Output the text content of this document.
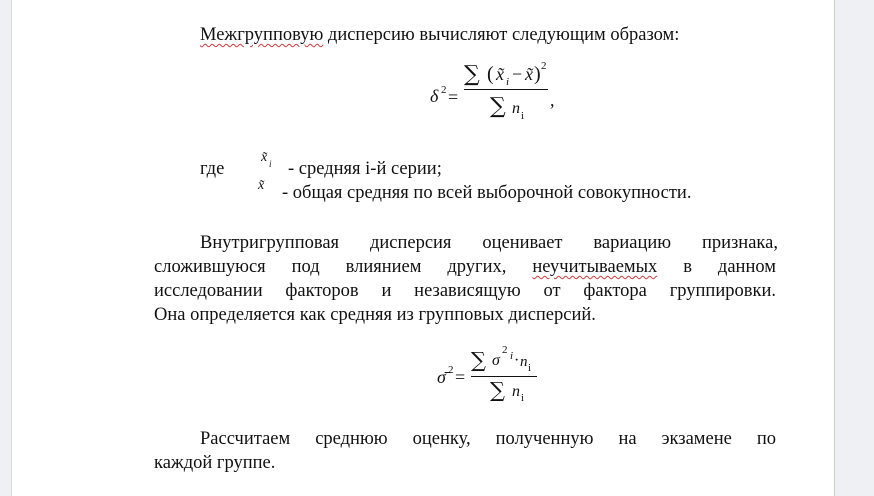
Межгрупповую дисперсию вычисляют следующим образом:
δ 2 =
∑ ( x̃ i − x̃ ) 2
∑ n i
,
где
x̃ i - средняя i-й серии;
x̃ - общая средняя по всей выборочной совокупности.
Внутригрупповая дисперсия оценивает вариацию признака,
сложившуюся под влиянием других, неучитываемых в данном
исследовании факторов и независящую от фактора группировки.
Она определяется как средняя из групповых дисперсий.
σ̄ 2 =
∑ σ
2 i · n i
∑ n i
Рассчитаем среднюю оценку, полученную на экзамене по
каждой группе.
